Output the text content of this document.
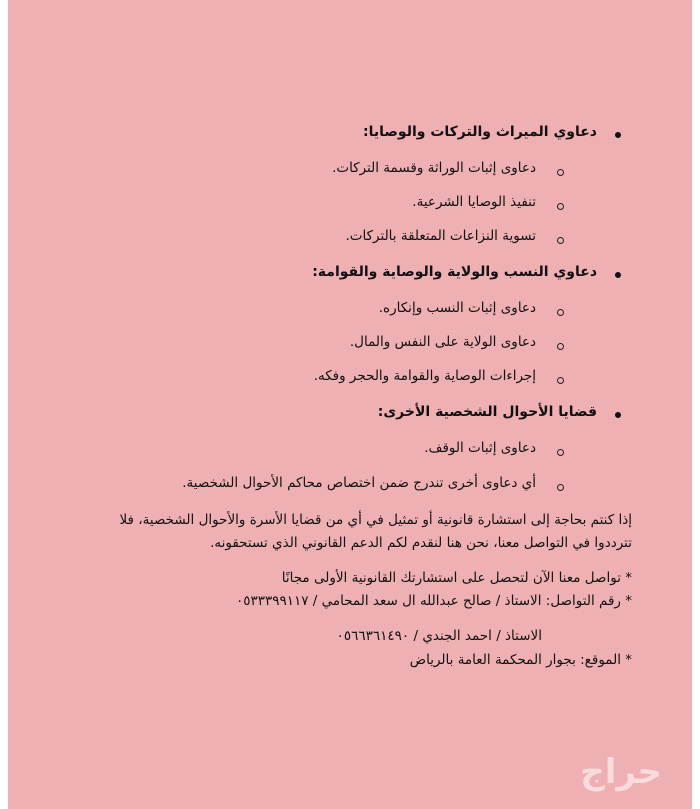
دعاوي الميراث والتركات والوصايا:
دعاوى إثبات الوراثة وقسمة التركات.
تنفيذ الوصايا الشرعية.
تسوية النزاعات المتعلقة بالتركات.
دعاوي النسب والولاية والوصاية والقوامة:
دعاوى إثبات النسب وإنكاره.
دعاوى الولاية على النفس والمال.
إجراءات الوصاية والقوامة والحجر وفكه.
قضايا الأحوال الشخصية الأخرى:
دعاوى إثبات الوقف.
أي دعاوى أخرى تندرج ضمن اختصاص محاكم الأحوال الشخصية.
إذا كنتم بحاجة إلى استشارة قانونية أو تمثيل في أي من قضايا الأسرة والأحوال الشخصية، فلا
تترددوا في التواصل معنا، نحن هنا لنقدم لكم الدعم القانوني الذي تستحقونه.
* تواصل معنا الآن لتحصل على استشارتك القانونية الأولى مجانًا
* رقم التواصل: الاستاذ / صالح عبدالله ال سعد المحامي / ٠٥٣٣٣٩٩١١٧
الاستاذ / احمد الجندي / ٠٥٦٦٣٦١٤٩٠
* الموقع: بجوار المحكمة العامة بالرياض
حراج
